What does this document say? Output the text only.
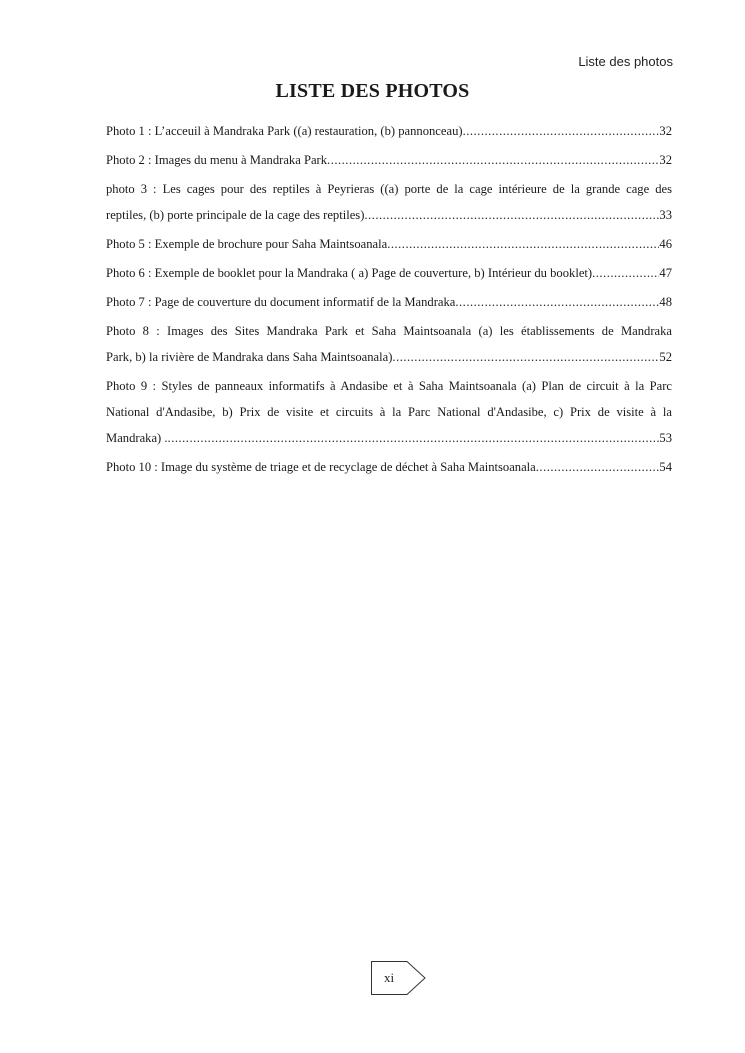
Liste des photos
LISTE DES PHOTOS
Photo 1 : L’acceuil à Mandraka Park ((a) restauration, (b) pannonceau) .....	32
Photo 2 : Images du menu à Mandraka Park .....	32
photo 3 : Les cages pour des reptiles à Peyrieras ((a) porte de la cage intérieure de la grande cage des
reptiles, (b) porte principale de la cage des reptiles) .....	33
Photo 5 : Exemple de brochure pour Saha Maintsoanala .....	46
Photo 6 : Exemple de booklet pour la Mandraka ( a) Page de couverture, b) Intérieur du booklet) .....	47
Photo 7 : Page de couverture du document informatif de la Mandraka .....	48
Photo 8 : Images des Sites Mandraka Park et Saha Maintsoanala (a) les établissements de Mandraka
Park, b) la rivière de Mandraka dans Saha Maintsoanala) .....	52
Photo 9 : Styles de panneaux informatifs à Andasibe et à Saha Maintsoanala (a) Plan de circuit à la Parc
National d'Andasibe, b) Prix de visite et circuits à la Parc National d'Andasibe, c) Prix de visite à la
Mandraka) . .....	53
Photo 10 : Image du système de triage et de recyclage de déchet à Saha Maintsoanala .....	54
xi
